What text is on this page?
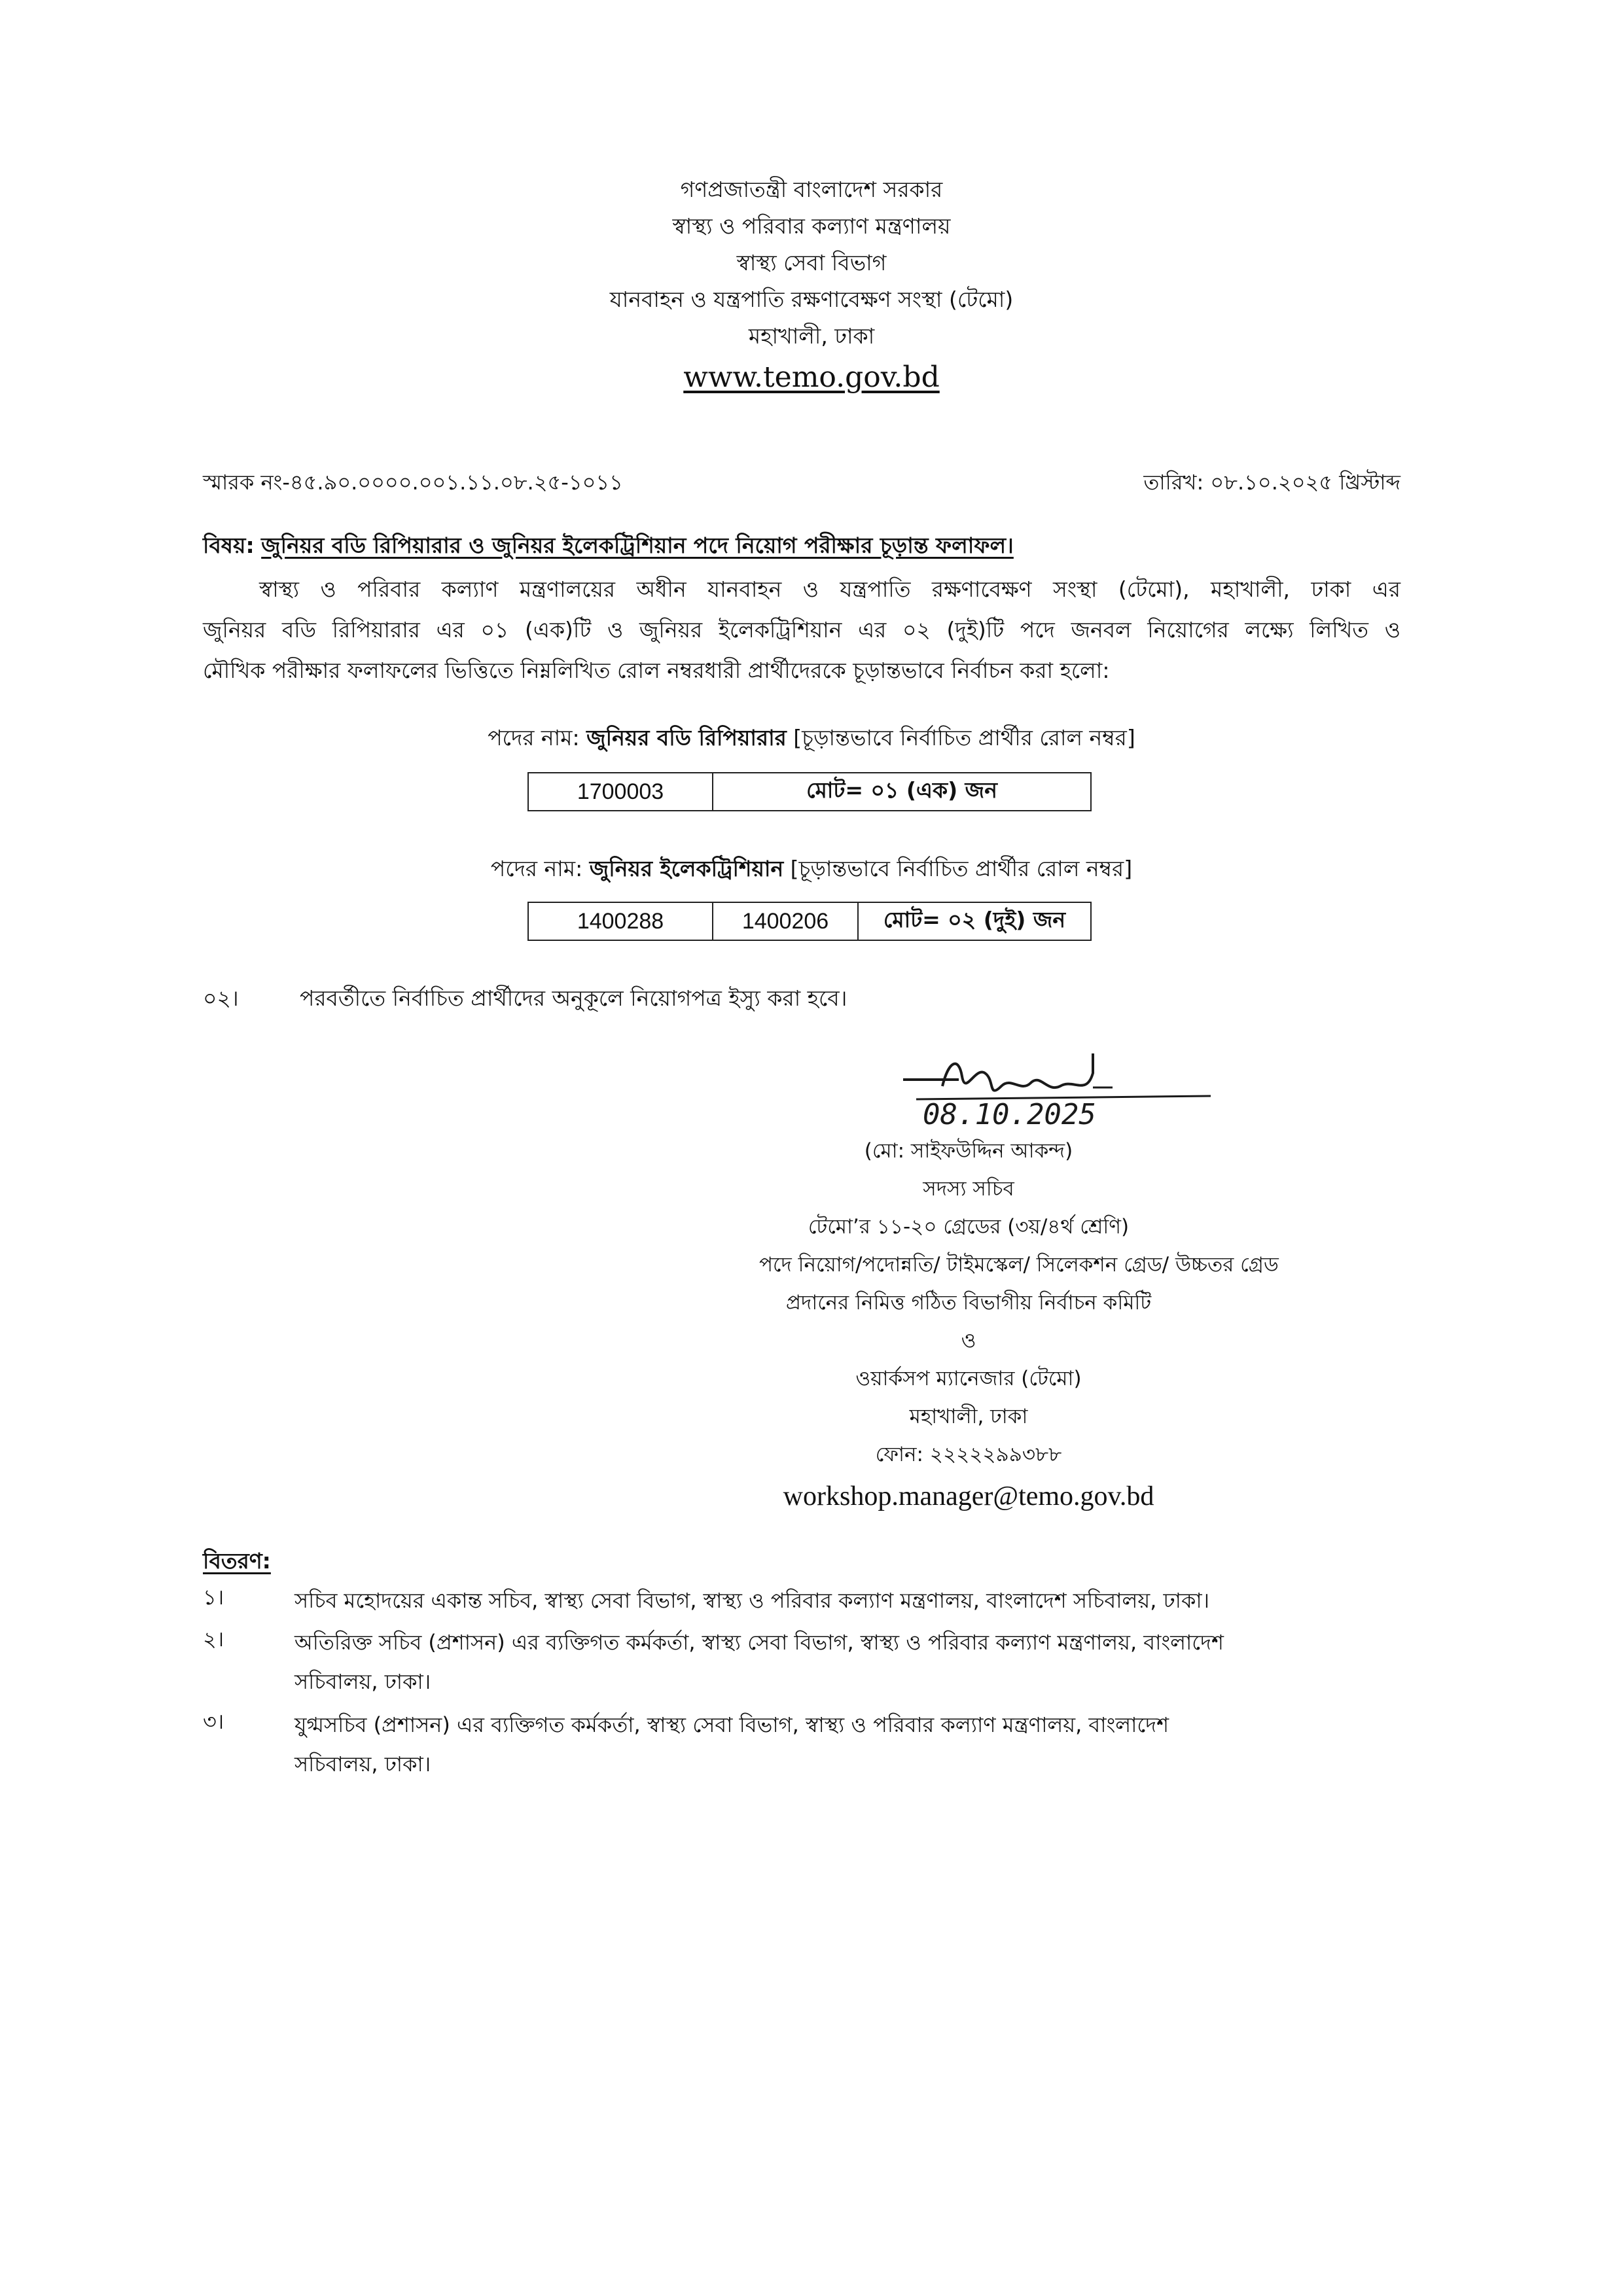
গণপ্রজাতন্ত্রী বাংলাদেশ সরকার
স্বাস্থ্য ও পরিবার কল্যাণ মন্ত্রণালয়
স্বাস্থ্য সেবা বিভাগ
যানবাহন ও যন্ত্রপাতি রক্ষণাবেক্ষণ সংস্থা (টেমো)
মহাখালী, ঢাকা
www.temo.gov.bd
স্মারক নং-৪৫.৯০.০০০০.০০১.১১.০৮.২৫-১০১১	তারিখ: ০৮.১০.২০২৫ খ্রিস্টাব্দ
বিষয়: জুনিয়র বডি রিপিয়ারার ও জুনিয়র ইলেকট্রিশিয়ান পদে নিয়োগ পরীক্ষার চূড়ান্ত ফলাফল।
স্বাস্থ্য ও পরিবার কল্যাণ মন্ত্রণালয়ের অধীন যানবাহন ও যন্ত্রপাতি রক্ষণাবেক্ষণ সংস্থা (টেমো), মহাখালী, ঢাকা এর
জুনিয়র বডি রিপিয়ারার এর ০১ (এক)টি ও জুনিয়র ইলেকট্রিশিয়ান এর ০২ (দুই)টি পদে জনবল নিয়োগের লক্ষ্যে লিখিত ও
মৌখিক পরীক্ষার ফলাফলের ভিত্তিতে নিম্নলিখিত রোল নম্বরধারী প্রার্থীদেরকে চূড়ান্তভাবে নির্বাচন করা হলো:
পদের নাম: জুনিয়র বডি রিপিয়ারার [চূড়ান্তভাবে নির্বাচিত প্রার্থীর রোল নম্বর]
1700003	মোট= ০১ (এক) জন
পদের নাম: জুনিয়র ইলেকট্রিশিয়ান [চূড়ান্তভাবে নির্বাচিত প্রার্থীর রোল নম্বর]
1400288	1400206	মোট= ০২ (দুই) জন
০২।	পরবর্তীতে নির্বাচিত প্রার্থীদের অনুকূলে নিয়োগপত্র ইস্যু করা হবে।
08.10.2025
(মো: সাইফউদ্দিন আকন্দ)
সদস্য সচিব
টেমো’র ১১-২০ গ্রেডের (৩য়/৪র্থ শ্রেণি)
পদে নিয়োগ/পদোন্নতি/ টাইমস্কেল/ সিলেকশন গ্রেড/ উচ্চতর গ্রেড
প্রদানের নিমিত্ত গঠিত বিভাগীয় নির্বাচন কমিটি
ও
ওয়ার্কসপ ম্যানেজার (টেমো)
মহাখালী, ঢাকা
ফোন: ২২২২২৯৯৩৮৮
workshop.manager@temo.gov.bd
বিতরণ:
১।	সচিব মহোদয়ের একান্ত সচিব, স্বাস্থ্য সেবা বিভাগ, স্বাস্থ্য ও পরিবার কল্যাণ মন্ত্রণালয়, বাংলাদেশ সচিবালয়, ঢাকা।
২।	অতিরিক্ত সচিব (প্রশাসন) এর ব্যক্তিগত কর্মকর্তা, স্বাস্থ্য সেবা বিভাগ, স্বাস্থ্য ও পরিবার কল্যাণ মন্ত্রণালয়, বাংলাদেশ
সচিবালয়, ঢাকা।
৩।	যুগ্মসচিব (প্রশাসন) এর ব্যক্তিগত কর্মকর্তা, স্বাস্থ্য সেবা বিভাগ, স্বাস্থ্য ও পরিবার কল্যাণ মন্ত্রণালয়, বাংলাদেশ
সচিবালয়, ঢাকা।
